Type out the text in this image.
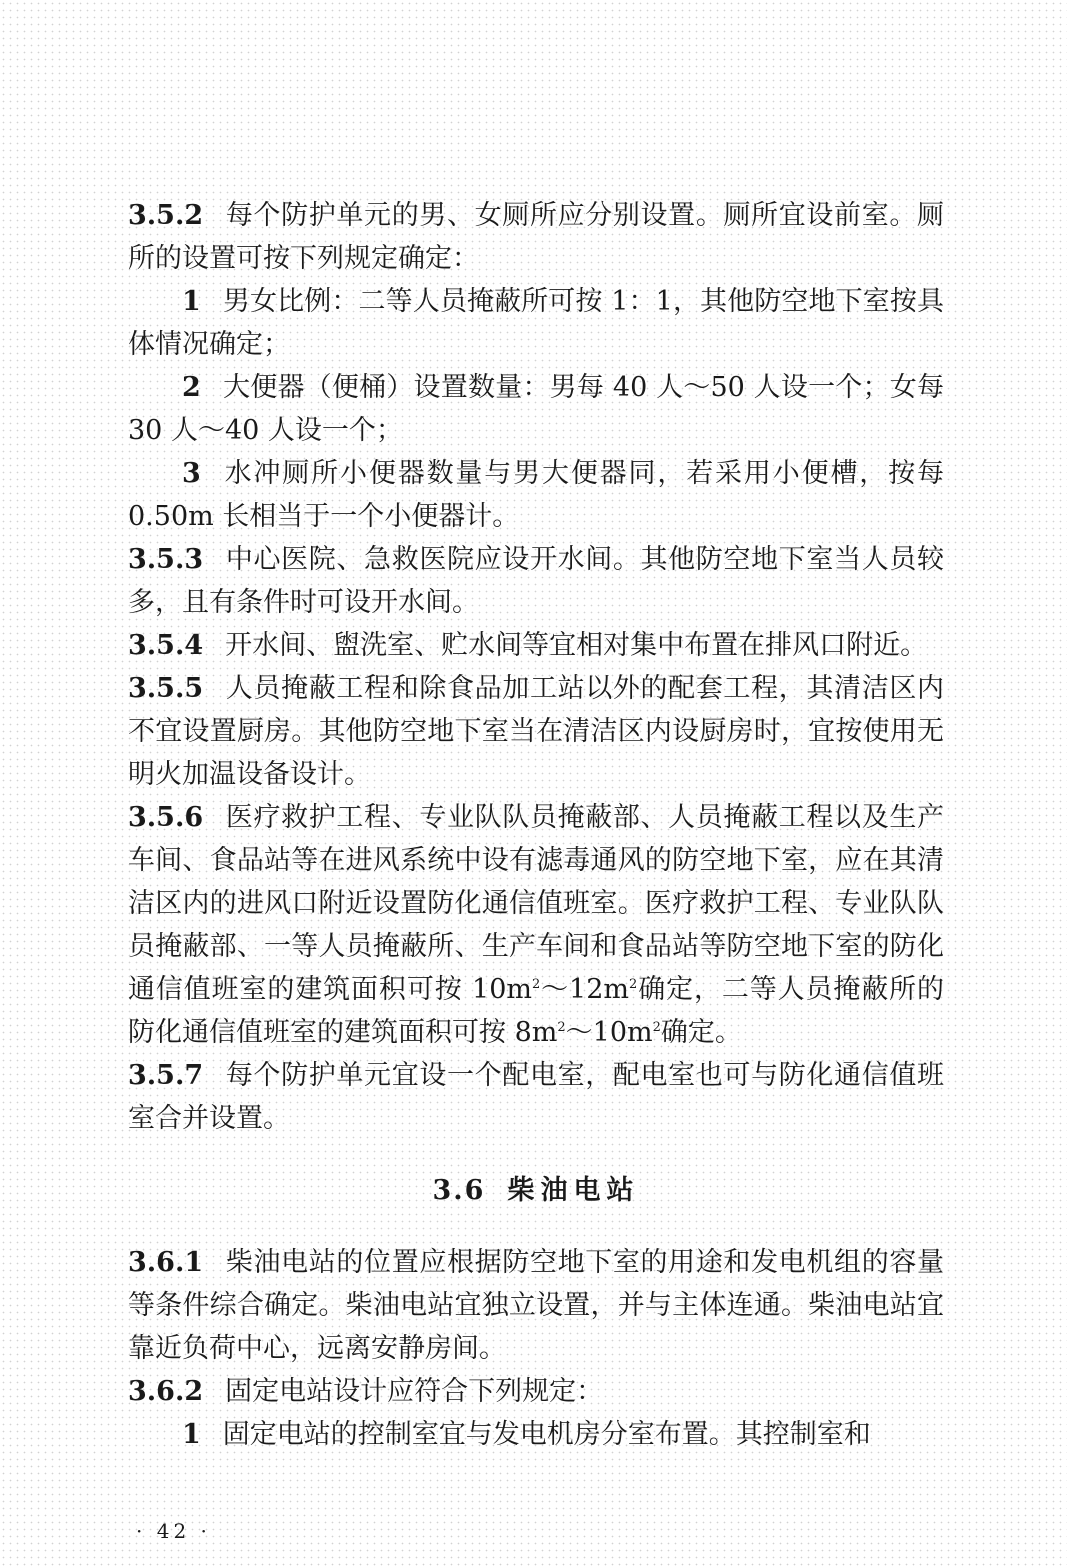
3.5.2 每个防护单元的男、女厕所应分别设置。厕所宜设前室。厕所的设置可按下列规定确定：

1 男女比例：二等人员掩蔽所可按 1：1，其他防空地下室按具体情况确定；

2 大便器（便桶）设置数量：男每 40 人～50 人设一个；女每 30 人～40 人设一个；

3 水冲厕所小便器数量与男大便器同，若采用小便槽，按每 0.50m 长相当于一个小便器计。

3.5.3 中心医院、急救医院应设开水间。其他防空地下室当人员较多，且有条件时可设开水间。

3.5.4 开水间、盥洗室、贮水间等宜相对集中布置在排风口附近。

3.5.5 人员掩蔽工程和除食品加工站以外的配套工程，其清洁区内不宜设置厨房。其他防空地下室当在清洁区内设厨房时，宜按使用无明火加温设备设计。

3.5.6 医疗救护工程、专业队队员掩蔽部、人员掩蔽工程以及生产车间、食品站等在进风系统中设有滤毒通风的防空地下室，应在其清洁区内的进风口附近设置防化通信值班室。医疗救护工程、专业队队员掩蔽部、一等人员掩蔽所、生产车间和食品站等防空地下室的防化通信值班室的建筑面积可按 $10m^2\sim 12m^2$确定，二等人员掩蔽所的防化通信值班室的建筑面积可按 $8m^2\sim 10m^2$确定。

3.5.7 每个防护单元宜设一个配电室，配电室也可与防化通信值班室合并设置。

3.6 柴油电站

3.6.1 柴油电站的位置应根据防空地下室的用途和发电机组的容量等条件综合确定。柴油电站宜独立设置，并与主体连通。柴油电站宜靠近负荷中心，远离安静房间。

3.6.2 固定电站设计应符合下列规定：

1 固定电站的控制室宜与发电机房分室布置。其控制室和

· 42 ·
